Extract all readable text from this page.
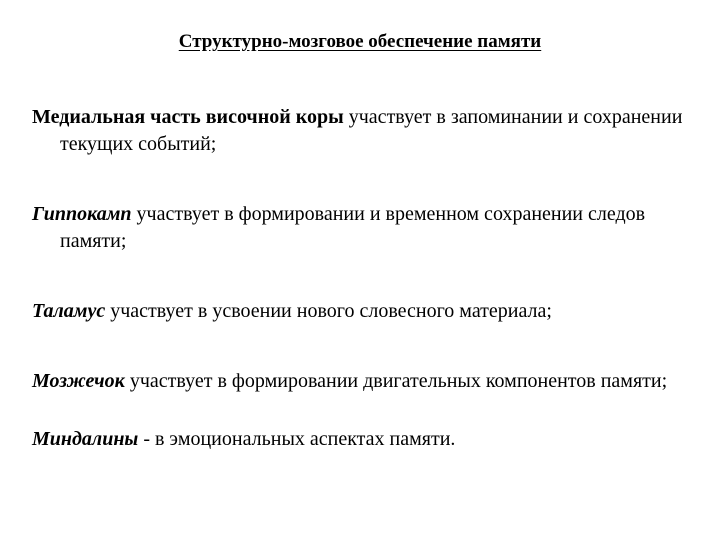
Структурно-мозговое обеспечение памяти
Медиальная часть височной коры участвует в запоминании и сохранении текущих событий;
Гиппокамп участвует в формировании и временном сохранении следов памяти;
Таламус участвует в усвоении нового словесного материала;
Мозжечок участвует в формировании двигательных компонентов памяти;
Миндалины - в эмоциональных аспектах памяти.
